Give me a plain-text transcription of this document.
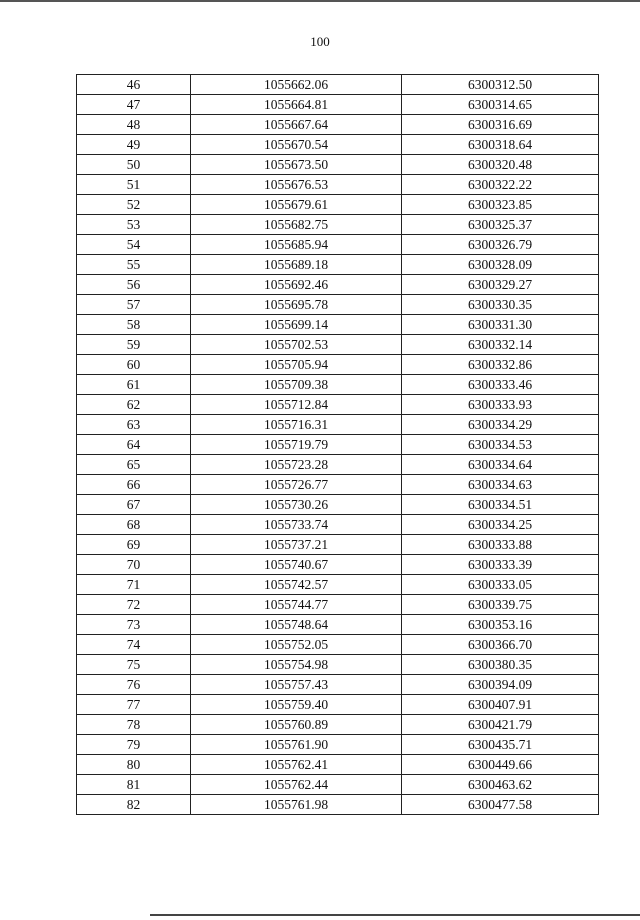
100
46	1055662.06	6300312.50
47	1055664.81	6300314.65
48	1055667.64	6300316.69
49	1055670.54	6300318.64
50	1055673.50	6300320.48
51	1055676.53	6300322.22
52	1055679.61	6300323.85
53	1055682.75	6300325.37
54	1055685.94	6300326.79
55	1055689.18	6300328.09
56	1055692.46	6300329.27
57	1055695.78	6300330.35
58	1055699.14	6300331.30
59	1055702.53	6300332.14
60	1055705.94	6300332.86
61	1055709.38	6300333.46
62	1055712.84	6300333.93
63	1055716.31	6300334.29
64	1055719.79	6300334.53
65	1055723.28	6300334.64
66	1055726.77	6300334.63
67	1055730.26	6300334.51
68	1055733.74	6300334.25
69	1055737.21	6300333.88
70	1055740.67	6300333.39
71	1055742.57	6300333.05
72	1055744.77	6300339.75
73	1055748.64	6300353.16
74	1055752.05	6300366.70
75	1055754.98	6300380.35
76	1055757.43	6300394.09
77	1055759.40	6300407.91
78	1055760.89	6300421.79
79	1055761.90	6300435.71
80	1055762.41	6300449.66
81	1055762.44	6300463.62
82	1055761.98	6300477.58
